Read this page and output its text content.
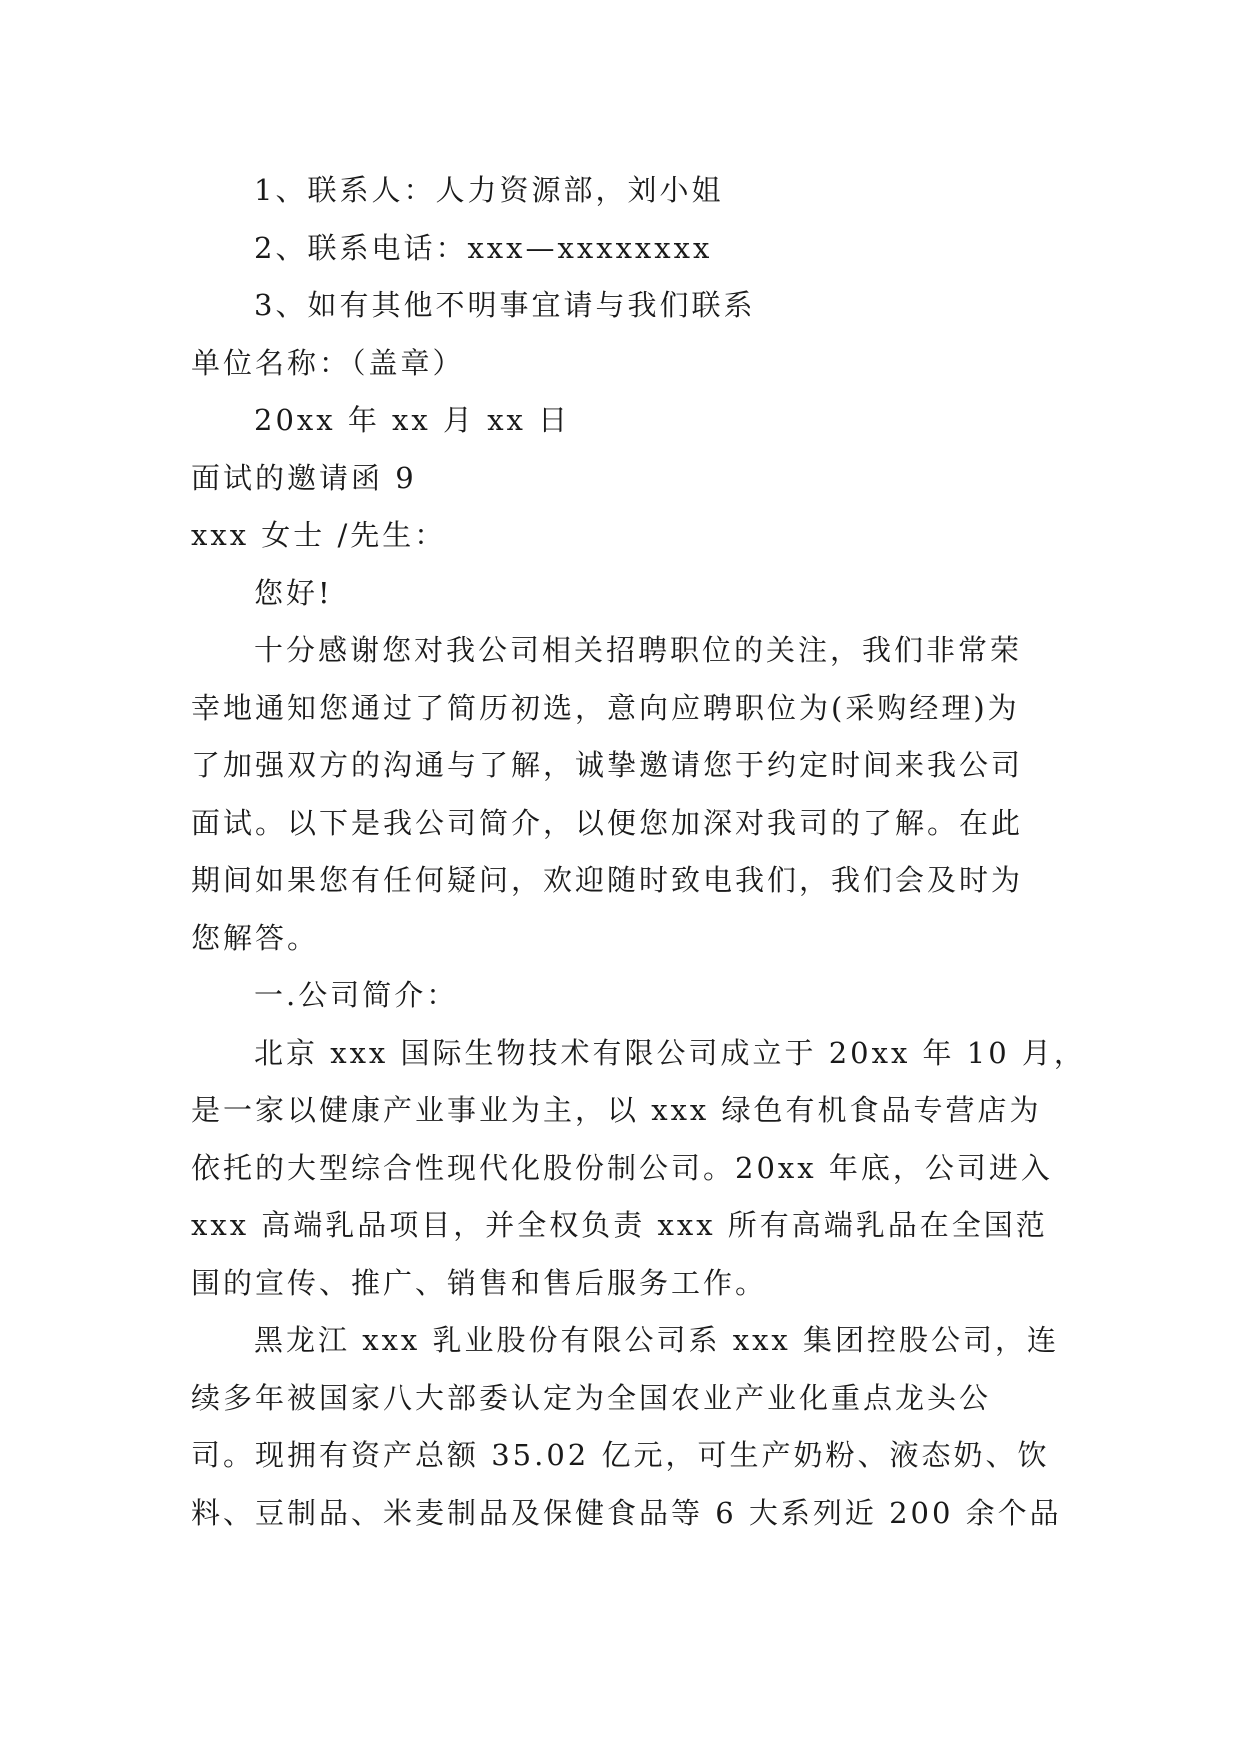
1、联系人：人力资源部，刘小姐
2、联系电话：xxx—xxxxxxxx
3、如有其他不明事宜请与我们联系
单位名称：（盖章）
20xx 年 xx 月 xx 日
面试的邀请函 9
xxx 女士 /先生：
您好!
十分感谢您对我公司相关招聘职位的关注，我们非常荣
幸地通知您通过了简历初选，意向应聘职位为(采购经理)为
了加强双方的沟通与了解，诚挚邀请您于约定时间来我公司
面试。以下是我公司简介，以便您加深对我司的了解。在此
期间如果您有任何疑问，欢迎随时致电我们，我们会及时为
您解答。
一.公司简介：
北京 xxx 国际生物技术有限公司成立于 20xx 年 10 月，
是一家以健康产业事业为主，以 xxx 绿色有机食品专营店为
依托的大型综合性现代化股份制公司。20xx 年底，公司进入
xxx 高端乳品项目，并全权负责 xxx 所有高端乳品在全国范
围的宣传、推广、销售和售后服务工作。
黑龙江 xxx 乳业股份有限公司系 xxx 集团控股公司，连
续多年被国家八大部委认定为全国农业产业化重点龙头公
司。现拥有资产总额 35.02 亿元，可生产奶粉、液态奶、饮
料、豆制品、米麦制品及保健食品等 6 大系列近 200 余个品
